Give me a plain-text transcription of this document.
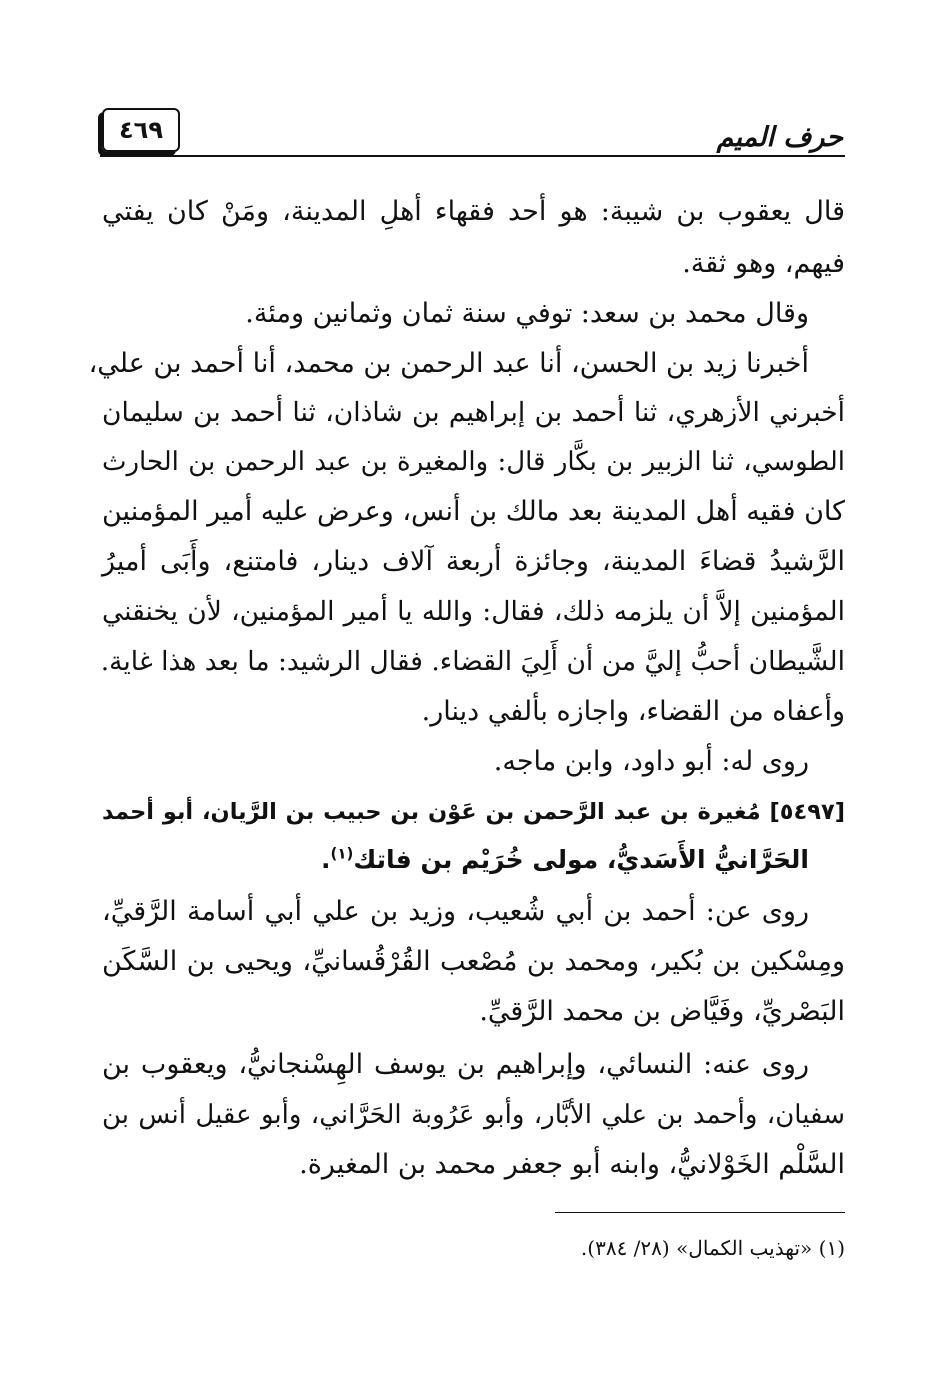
حرف الميم
٤٦٩
قال يعقوب بن شيبة: هو أحد فقهاء أهلِ المدينة، ومَنْ كان يفتي
فيهم، وهو ثقة.
وقال محمد بن سعد: توفي سنة ثمان وثمانين ومئة.
أخبرنا زيد بن الحسن، أنا عبد الرحمن بن محمد، أنا أحمد بن علي،
أخبرني الأزهري، ثنا أحمد بن إبراهيم بن شاذان، ثنا أحمد بن سليمان
الطوسي، ثنا الزبير بن بكَّار قال: والمغيرة بن عبد الرحمن بن الحارث
كان فقيه أهل المدينة بعد مالك بن أنس، وعرض عليه أمير المؤمنين
الرَّشيدُ قضاءَ المدينة، وجائزة أربعة آلاف دينار، فامتنع، وأَبَى أميرُ
المؤمنين إلاَّ أن يلزمه ذلك، فقال: والله يا أمير المؤمنين، لأن يخنقني
الشَّيطان أحبُّ إليَّ من أن أَلِيَ القضاء. فقال الرشيد: ما بعد هذا غاية.
وأعفاه من القضاء، واجازه بألفي دينار.
روى له: أبو داود، وابن ماجه.
[٥٤٩٧] مُغيرة بن عبد الرَّحمن بن عَوْن بن حبيب بن الرَّيان، أبو أحمد
الحَرَّانيُّ الأَسَديُّ، مولى خُرَيْم بن فاتك$^{(١)}$.
روى عن: أحمد بن أبي شُعيب، وزيد بن علي أبي أسامة الرَّقيِّ،
ومِسْكين بن بُكير، ومحمد بن مُصْعب القُرْقُسانيِّ، ويحيى بن السَّكَن
البَصْريِّ، وفَيَّاض بن محمد الرَّقيِّ.
روى عنه: النسائي، وإبراهيم بن يوسف الهِسْنجانيُّ، ويعقوب بن
سفيان، وأحمد بن علي الأبَّار، وأبو عَرُوبة الحَرَّاني، وأبو عقيل أنس بن
السَّلْم الخَوْلانيُّ، وابنه أبو جعفر محمد بن المغيرة.
(١) «تهذيب الكمال» (٢٨/ ٣٨٤).
